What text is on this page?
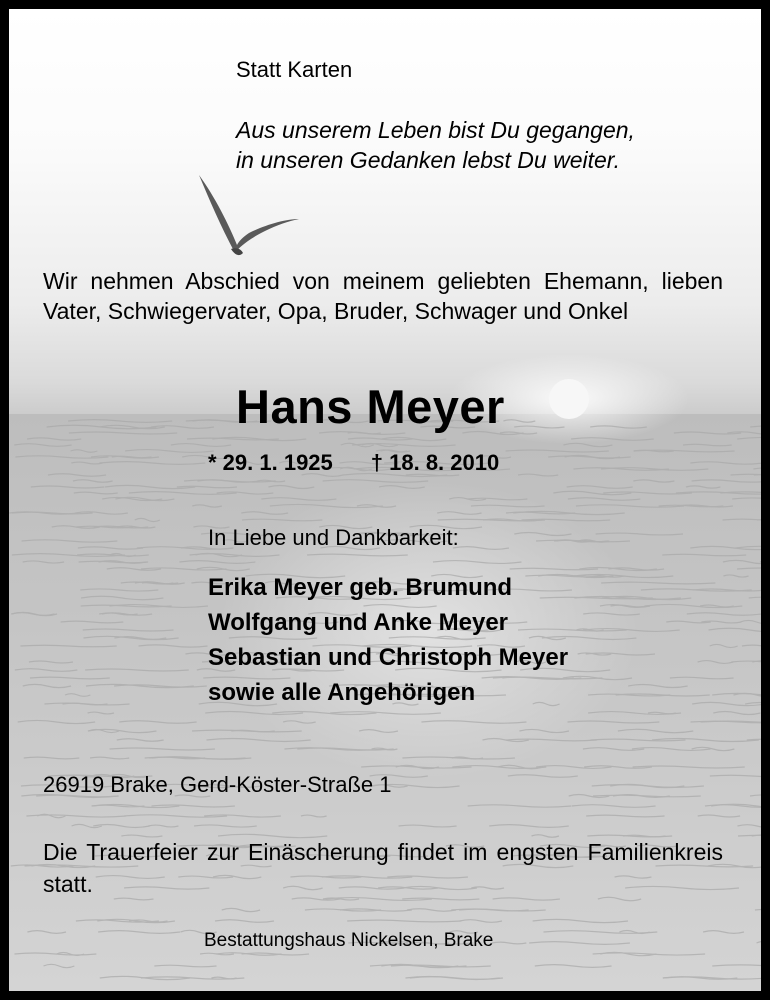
Statt Karten
Aus unserem Leben bist Du gegangen,
in unseren Gedanken lebst Du weiter.
Wir nehmen Abschied von meinem geliebten Ehemann, lieben Vater, Schwiegervater, Opa, Bruder, Schwager und Onkel
Hans Meyer
* 29. 1. 1925 † 18. 8. 2010
In Liebe und Dankbarkeit:
Erika Meyer geb. Brumund
Wolfgang und Anke Meyer
Sebastian und Christoph Meyer
sowie alle Angehörigen
26919 Brake, Gerd-Köster-Straße 1
Die Trauerfeier zur Einäscherung findet im engsten Familienkreis statt.
Bestattungshaus Nickelsen, Brake
